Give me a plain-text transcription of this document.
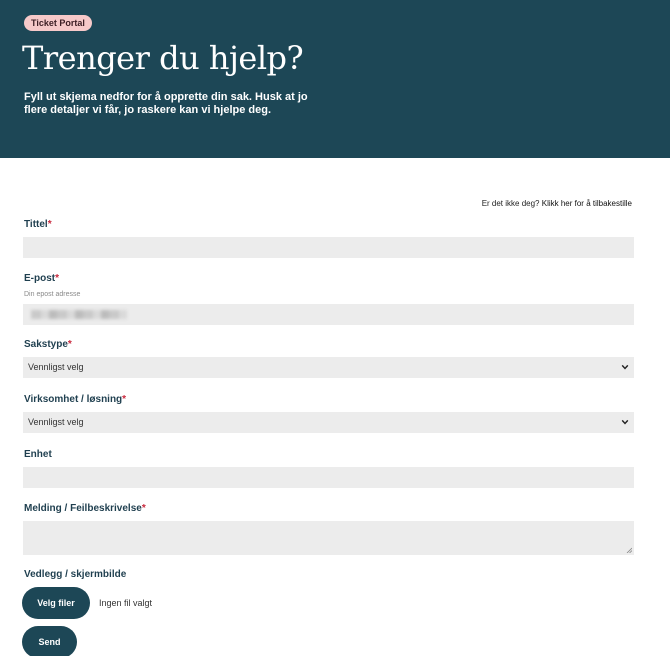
Ticket Portal
Trenger du hjelp?

Fyll ut skjema nedfor for å opprette din sak. Husk at jo flere detaljer vi får, jo raskere kan vi hjelpe deg.

Er det ikke deg? Klikk her for å tilbakestille
Tittel*
E-post*
Din epost adresse
Sakstype*
Vennligst velg
Virksomhet / løsning*
Vennligst velg
Enhet
Melding / Feilbeskrivelse*
Vedlegg / skjermbilde
Velg filer	Ingen fil valgt
Send
